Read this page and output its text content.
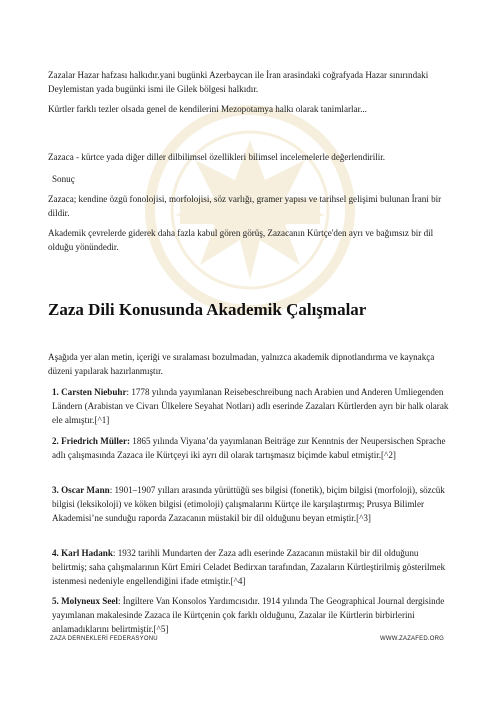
Zazalar Hazar hafzası halkıdır.yani bugünki Azerbaycan ile İran arasindaki coğrafyada Hazar sınırındaki Deylemistan yada bugünki ismi ile Gilek bölgesi halkıdır.

Kürtler farklı tezler olsada genel de kendilerini Mezopotamya halkı olarak tanimlarlar...

Zazaca - kürtce yada diğer diller dilbilimsel özellikleri bilimsel incelemelerle değerlendirilir.

Sonuç

Zazaca; kendine özgü fonolojisi, morfolojisi, söz varlığı, gramer yapısı ve tarihsel gelişimi bulunan İrani bir dildir.

Akademik çevrelerde giderek daha fazla kabul gören görüş, Zazacanın Kürtçe'den ayrı ve bağımsız bir dil olduğu yönündedir.

Zaza Dili Konusunda Akademik Çalışmalar

Aşağıda yer alan metin, içeriği ve sıralaması bozulmadan, yalnızca akademik dipnotlandırma ve kaynakça düzeni yapılarak hazırlanmıştır.

1. Carsten Niebuhr: 1778 yılında yayımlanan Reisebeschreibung nach Arabien und Anderen Umliegenden Ländern (Arabistan ve Civarı Ülkelere Seyahat Notları) adlı eserinde Zazaları Kürtlerden ayrı bir halk olarak ele almıştır.[^1]

2. Friedrich Müller: 1865 yılında Viyana’da yayımlanan Beiträge zur Kenntnis der Neupersischen Sprache adlı çalışmasında Zazaca ile Kürtçeyi iki ayrı dil olarak tartışmasız biçimde kabul etmiştir.[^2]

3. Oscar Mann: 1901–1907 yılları arasında yürüttüğü ses bilgisi (fonetik), biçim bilgisi (morfoloji), sözcük bilgisi (leksikoloji) ve köken bilgisi (etimoloji) çalışmalarını Kürtçe ile karşılaştırmış; Prusya Bilimler Akademisi’ne sunduğu raporda Zazacanın müstakil bir dil olduğunu beyan etmiştir.[^3]

4. Karl Hadank: 1932 tarihli Mundarten der Zaza adlı eserinde Zazacanın müstakil bir dil olduğunu belirtmiş; saha çalışmalarının Kürt Emiri Celadet Bedirxan tarafından, Zazaların Kürtleştirilmiş gösterilmek istenmesi nedeniyle engellendiğini ifade etmiştir.[^4]

5. Molyneux Seel: İngiltere Van Konsolos Yardımcısıdır. 1914 yılında The Geographical Journal dergisinde yayımlanan makalesinde Zazaca ile Kürtçenin çok farklı olduğunu, Zazalar ile Kürtlerin birbirlerini anlamadıklarını belirtmiştir.[^5]

ZAZA DERNEKLERİ FEDERASYONU	WWW.ZAZAFED.ORG
